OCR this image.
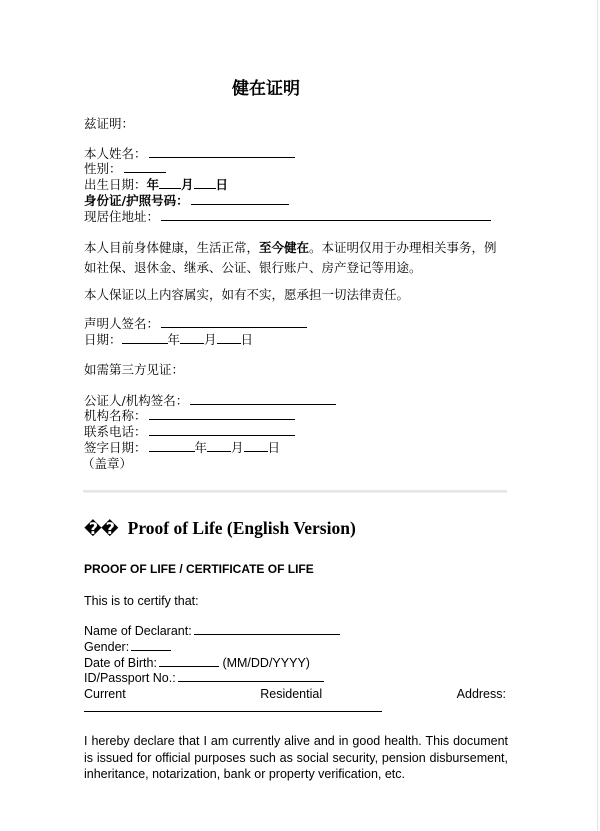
健在证明
兹证明：
本人姓名：
性别：
出生日期：年 月 日
身份证/护照号码：
现居住地址：
本人目前身体健康，生活正常，至今健在。本证明仅用于办理相关事务，例如社保、退休金、继承、公证、银行账户、房产登记等用途。
本人保证以上内容属实，如有不实，愿承担一切法律责任。
声明人签名：
日期：	年 月 日
如需第三方见证：
公证人/机构签名：
机构名称：
联系电话：
签字日期：	年 月 日
（盖章）
�� Proof of Life (English Version)
PROOF OF LIFE / CERTIFICATE OF LIFE
This is to certify that:
Name of Declarant:
Gender:
Date of Birth:	(MM/DD/YYYY)
ID/Passport No.:
Current	Residential	Address:
I hereby declare that I am currently alive and in good health. This document is issued for official purposes such as social security, pension disbursement, inheritance, notarization, bank or property verification, etc.
